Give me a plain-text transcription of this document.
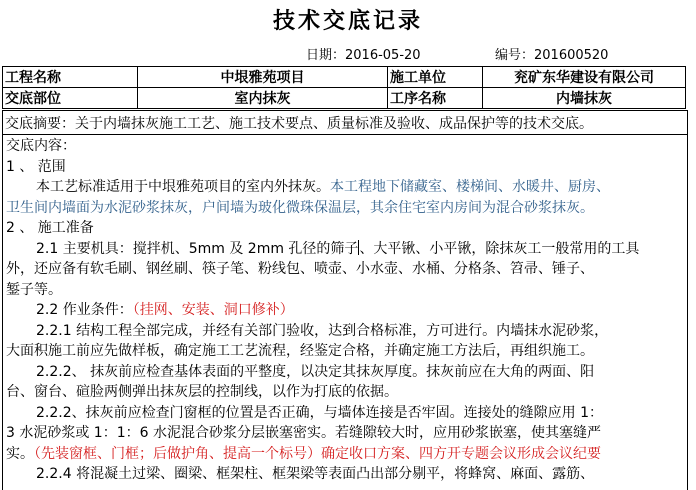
技术交底记录
日期：2016-05-20	编号：201600520
工程名称	中垠雅苑项目	施工单位	兖矿东华建设有限公司
交底部位	室内抹灰	工序名称	内墙抹灰
交底摘要：关于内墙抹灰施工工艺、施工技术要点、质量标准及验收、成品保护等的技术交底。

交底内容：

1 、 范围

本工艺标准适用于中垠雅苑项目的室内外抹灰。本工程地下储藏室、楼梯间、水暖井、厨房、

卫生间内墙面为水泥砂浆抹灰，户间墙为玻化微珠保温层，其余住宅室内房间为混合砂浆抹灰。

2 、 施工准备

2.1 主要机具：搅拌机、5mm 及 2mm 孔径的筛子、大平锹、小平锹，除抹灰工一般常用的工具

外，还应备有软毛刷、钢丝刷、筷子笔、粉线包、喷壶、小水壶、水桶、分格条、笤帚、锤子、

錾子等。

2.2 作业条件：（挂网、安装、洞口修补）

2.2.1 结构工程全部完成，并经有关部门验收，达到合格标准，方可进行。内墙抹水泥砂浆，

大面积施工前应先做样板，确定施工工艺流程，经鉴定合格，并确定施工方法后，再组织施工。

2.2.2、 抹灰前应检查基体表面的平整度，以决定其抹灰厚度。抹灰前应在大角的两面、阳

台、窗台、碹脸两侧弹出抹灰层的控制线，以作为打底的依据。

2.2.2、抹灰前应检查门窗框的位置是否正确，与墙体连接是否牢固。连接处的缝隙应用 1：

3 水泥砂浆或 1：1：6 水泥混合砂浆分层嵌塞密实。若缝隙较大时，应用砂浆嵌塞，使其塞缝严

实。（先装窗框、门框；后做护角、提高一个标号）确定收口方案、四方开专题会议形成会议纪要

2.2.4 将混凝土过梁、圈梁、框架柱、框架梁等表面凸出部分剔平，将蜂窝、麻面、露筋、
